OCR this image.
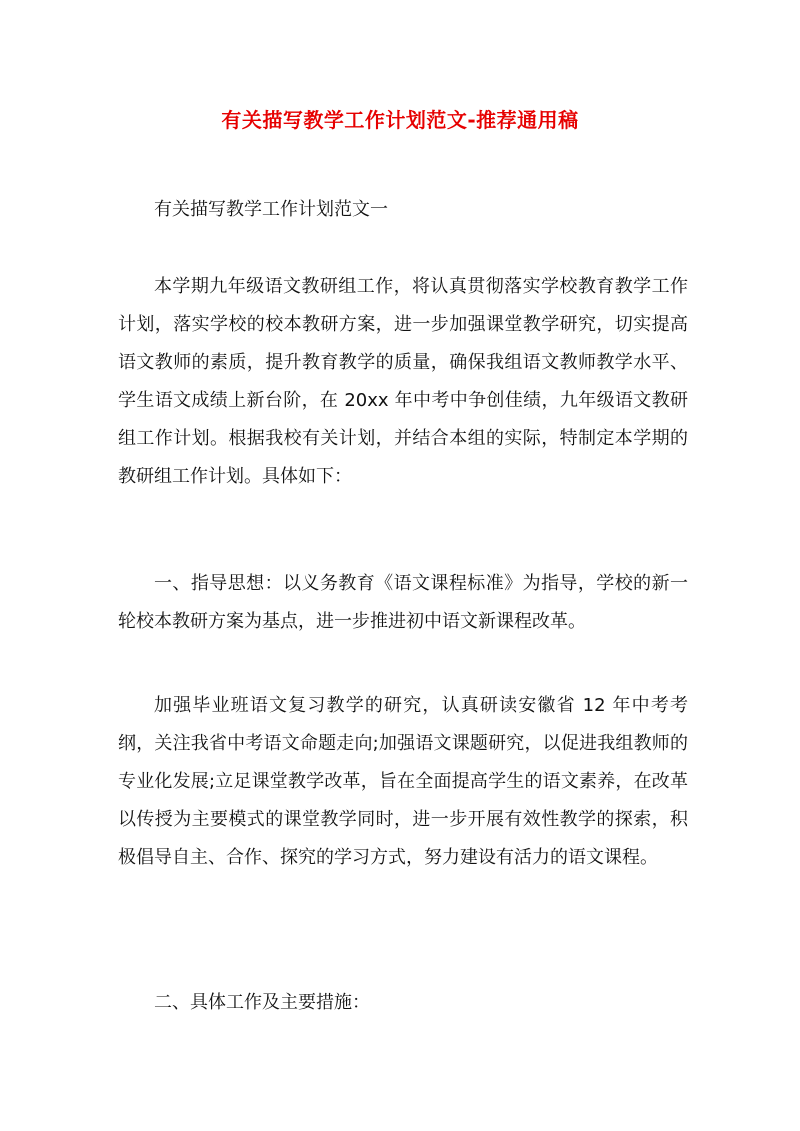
有关描写教学工作计划范文-推荐通用稿

有关描写教学工作计划范文一

本学期九年级语文教研组工作，将认真贯彻落实学校教育教学工作计划，落实学校的校本教研方案，进一步加强课堂教学研究，切实提高语文教师的素质，提升教育教学的质量，确保我组语文教师教学水平、学生语文成绩上新台阶，在 20xx 年中考中争创佳绩，九年级语文教研组工作计划。根据我校有关计划，并结合本组的实际，特制定本学期的教研组工作计划。具体如下：

一、指导思想：以义务教育《语文课程标准》为指导，学校的新一轮校本教研方案为基点，进一步推进初中语文新课程改革。

加强毕业班语文复习教学的研究，认真研读安徽省 12 年中考考纲，关注我省中考语文命题走向;加强语文课题研究，以促进我组教师的专业化发展;立足课堂教学改革，旨在全面提高学生的语文素养，在改革以传授为主要模式的课堂教学同时，进一步开展有效性教学的探索，积极倡导自主、合作、探究的学习方式，努力建设有活力的语文课程。

二、具体工作及主要措施：
